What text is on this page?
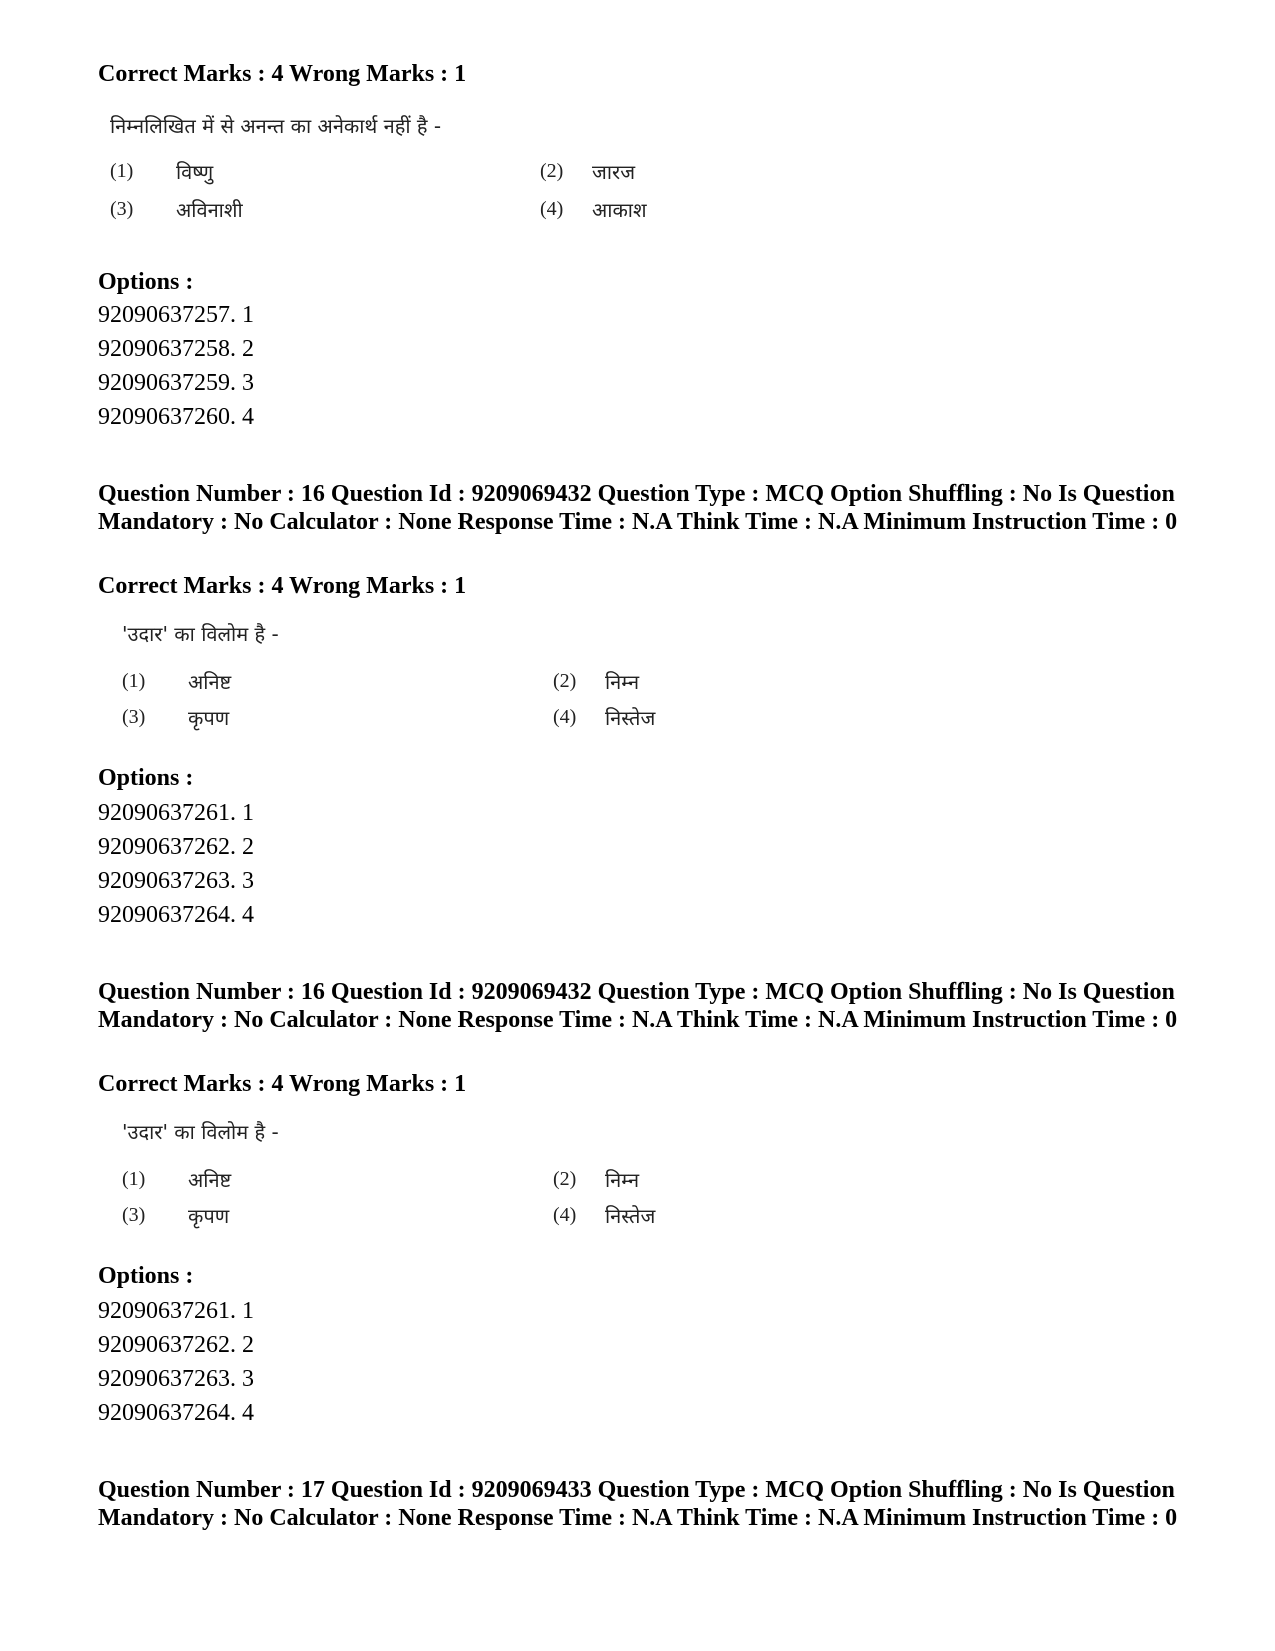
Correct Marks : 4 Wrong Marks : 1
निम्नलिखित में से अनन्त का अनेकार्थ नहीं है -
(1) विष्णु	(2) जारज
(3) अविनाशी	(4) आकाश
Options :
92090637257. 1
92090637258. 2
92090637259. 3
92090637260. 4
Question Number : 16 Question Id : 9209069432 Question Type : MCQ Option Shuffling : No Is Question Mandatory : No Calculator : None Response Time : N.A Think Time : N.A Minimum Instruction Time : 0
Correct Marks : 4 Wrong Marks : 1
'उदार' का विलोम है -
(1) अनिष्ट	(2) निम्न
(3) कृपण	(4) निस्तेज
Options :
92090637261. 1
92090637262. 2
92090637263. 3
92090637264. 4
Question Number : 16 Question Id : 9209069432 Question Type : MCQ Option Shuffling : No Is Question Mandatory : No Calculator : None Response Time : N.A Think Time : N.A Minimum Instruction Time : 0
Correct Marks : 4 Wrong Marks : 1
'उदार' का विलोम है -
(1) अनिष्ट	(2) निम्न
(3) कृपण	(4) निस्तेज
Options :
92090637261. 1
92090637262. 2
92090637263. 3
92090637264. 4
Question Number : 17 Question Id : 9209069433 Question Type : MCQ Option Shuffling : No Is Question Mandatory : No Calculator : None Response Time : N.A Think Time : N.A Minimum Instruction Time : 0
